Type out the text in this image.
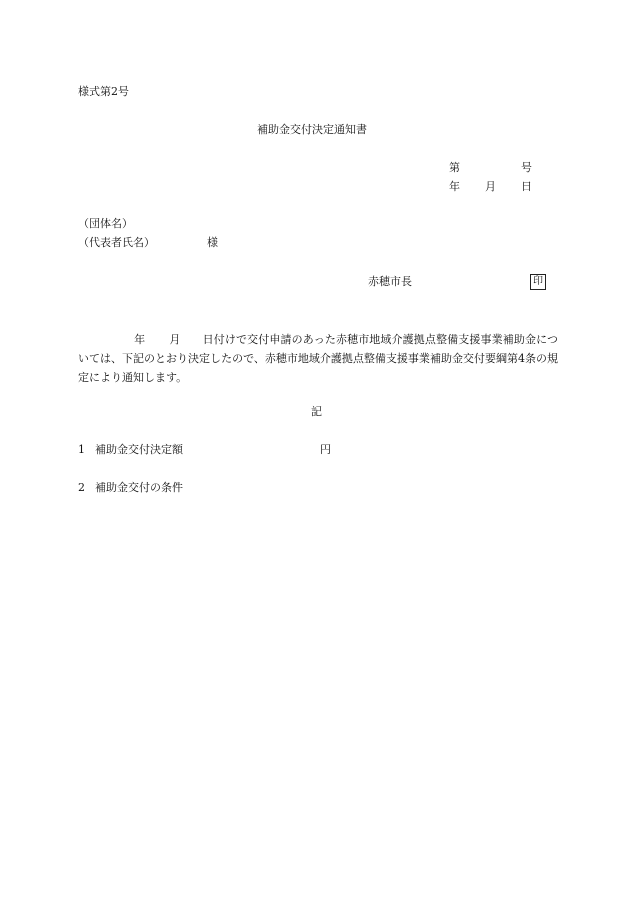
様式第2号
補助金交付決定通知書
第	号
年 月 日
（団体名）
（代表者氏名）	様
赤穂市長	印
年 月 日付けで交付申請のあった赤穂市地域介護拠点整備支援事業補助金については、下記のとおり決定したので、赤穂市地域介護拠点整備支援事業補助金交付要綱第4条の規定により通知します。
記
1 補助金交付決定額	円
2 補助金交付の条件
